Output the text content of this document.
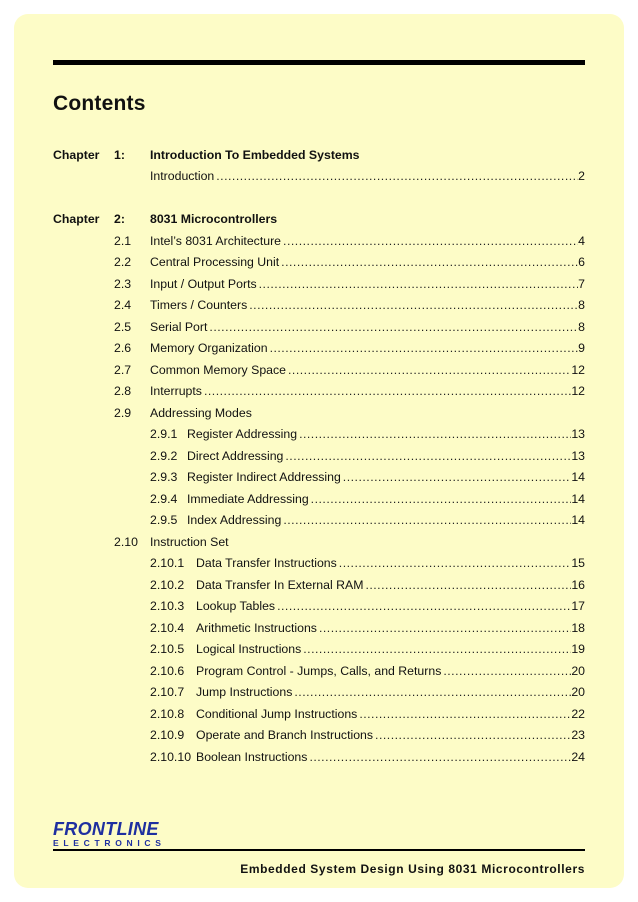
Contents
Chapter 1: Introduction To Embedded Systems
Introduction .....	2
Chapter 2: 8031 Microcontrollers
2.1 Intel’s 8031 Architecture .....	4
2.2 Central Processing Unit .....	6
2.3 Input / Output Ports .....	7
2.4 Timers / Counters .....	8
2.5 Serial Port .....	8
2.6 Memory Organization .....	9
2.7 Common Memory Space .....	12
2.8 Interrupts .....	12
2.9 Addressing Modes
2.9.1 Register Addressing .....	13
2.9.2 Direct Addressing .....	13
2.9.3 Register Indirect Addressing .....	14
2.9.4 Immediate Addressing .....	14
2.9.5 Index Addressing .....	14
2.10 Instruction Set
2.10.1 Data Transfer Instructions .....	15
2.10.2 Data Transfer In External RAM .....	16
2.10.3 Lookup Tables .....	17
2.10.4 Arithmetic Instructions .....	18
2.10.5 Logical Instructions .....	19
2.10.6 Program Control - Jumps, Calls, and Returns .....	20
2.10.7 Jump Instructions .....	20
2.10.8 Conditional Jump Instructions .....	22
2.10.9 Operate and Branch Instructions .....	23
2.10.10 Boolean Instructions .....	24
FRONTLINE
ELECTRONICS
Embedded System Design Using 8031 Microcontrollers
